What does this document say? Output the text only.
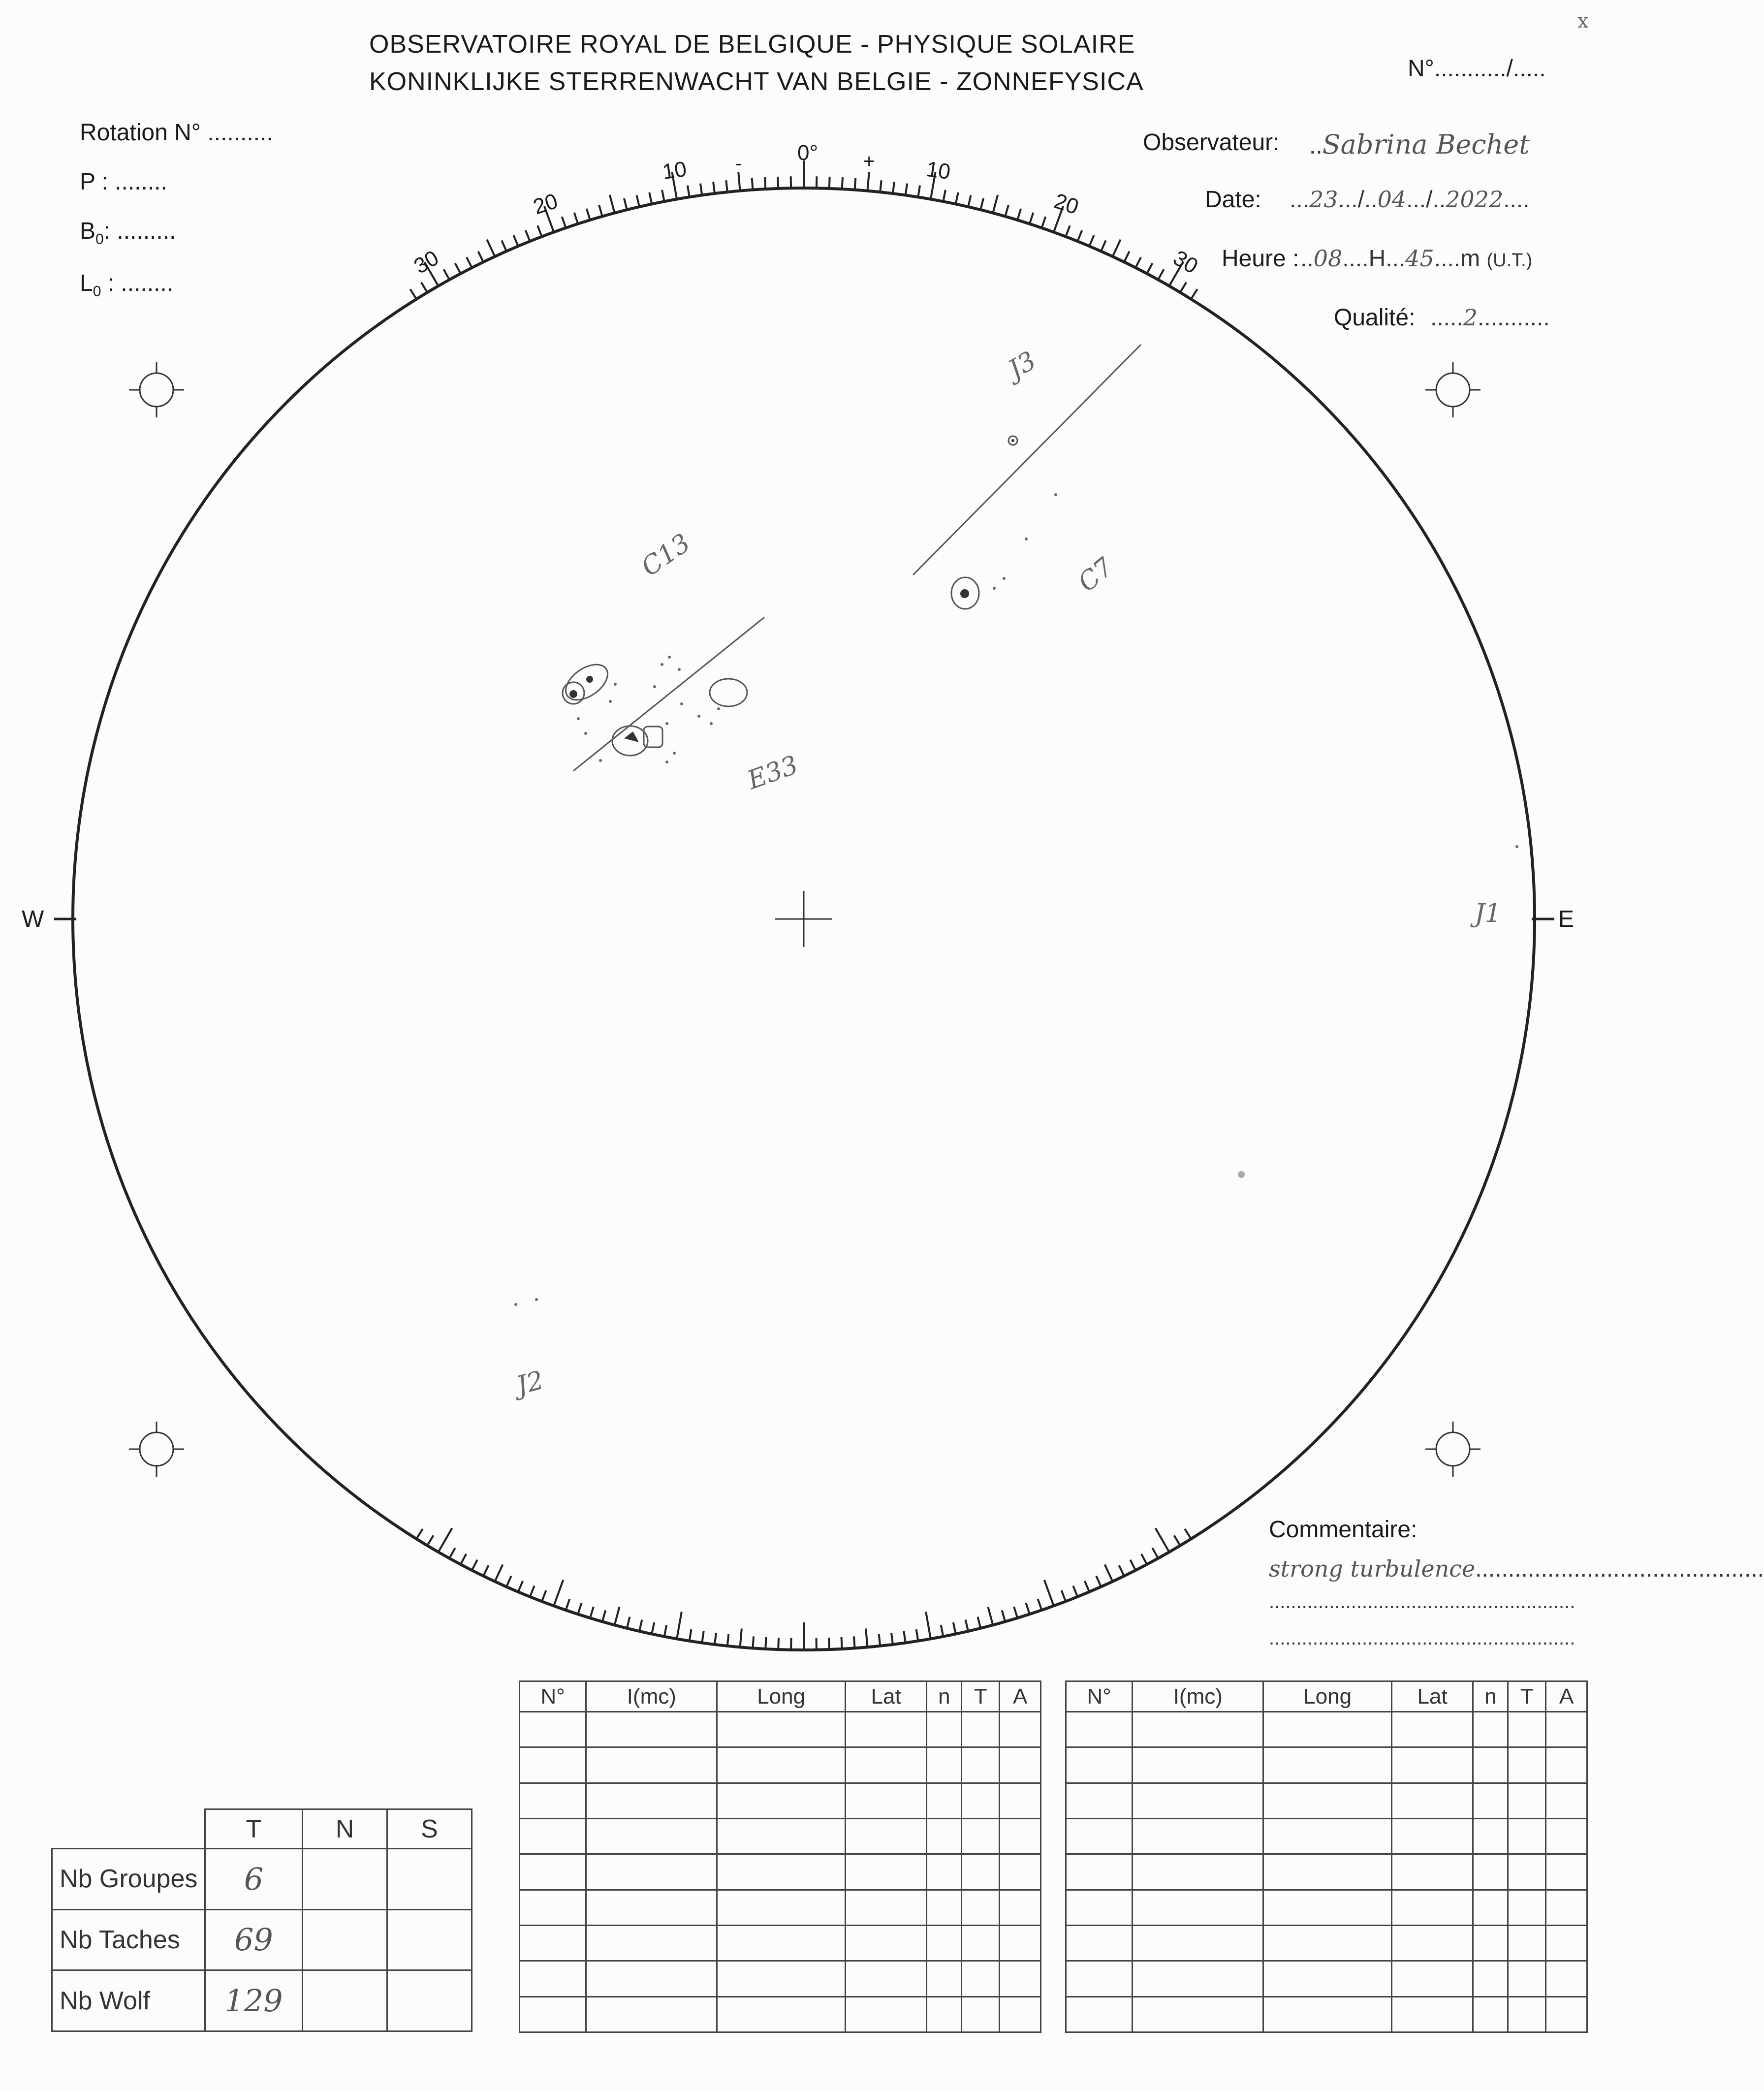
OBSERVATOIRE ROYAL DE BELGIQUE - PHYSIQUE SOLAIRE
KONINKLIJKE STERRENWACHT VAN BELGIE - ZONNEFYSICA	N°.........../.....
x
Rotation N° ..........
P : ........
$B_0$: .........
$L_0$ : ........
Observateur: ..Sabrina Bechet
Date: ...23.../..04.../..2022....
Heure : ..08....H...45....m (U.T.)
Qualité: .....2...........
0°
-	+
10
20
30
10
20
30
W	E
C13
E33
J3
C7
J1
J2
Commentaire:
strong turbulence............................................
........................................................
........................................................
N°	I(mc)	Long	Lat	n	T	A

							N°	I(mc)	Long	Lat	n	T	A

	T	N	S
Nb Groupes	6		
Nb Taches	69		
Nb Wolf	129		
